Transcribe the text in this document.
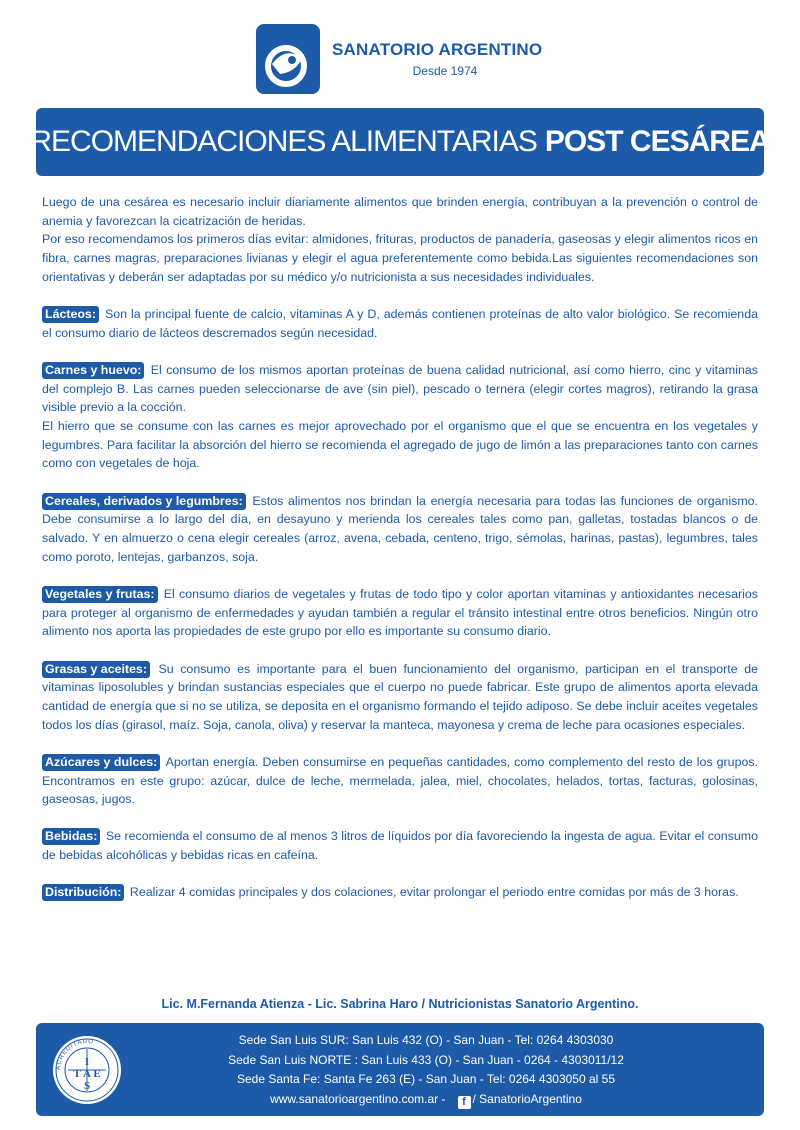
SANATORIO ARGENTINO
Desde 1974
RECOMENDACIONES ALIMENTARIAS POST CESÁREA

Luego de una cesárea es necesario incluir diariamente alimentos que brinden energía, contribuyan a la prevención o control de anemia y favorezcan la cicatrización de heridas.

Por eso recomendamos los primeros días evitar: almidones, frituras, productos de panadería, gaseosas y elegir alimentos ricos en fibra, carnes magras, preparaciones livianas y elegir el agua preferentemente como bebida.Las siguientes recomendaciones son orientativas y deberán ser adaptadas por su médico y/o nutricionista a sus necesidades individuales.

Lácteos: Son la principal fuente de calcio, vitaminas A y D, además contienen proteínas de alto valor biológico. Se recomienda el consumo diario de lácteos descremados según necesidad.

Carnes y huevo: El consumo de los mismos aportan proteínas de buena calidad nutricional, así como hierro, cinc y vitaminas del complejo B. Las carnes pueden seleccionarse de ave (sin piel), pescado o ternera (elegir cortes magros), retirando la grasa visible previo a la cocción.

El hierro que se consume con las carnes es mejor aprovechado por el organismo que el que se encuentra en los vegetales y legumbres. Para facilitar la absorción del hierro se recomienda el agregado de jugo de limón a las preparaciones tanto con carnes como con vegetales de hoja.

Cereales, derivados y legumbres: Estos alimentos nos brindan la energía necesaria para todas las funciones de organismo. Debe consumirse a lo largo del día, en desayuno y merienda los cereales tales como pan, galletas, tostadas blancos o de salvado. Y en almuerzo o cena elegir cereales (arroz, avena, cebada, centeno, trigo, sémolas, harinas, pastas), legumbres, tales como poroto, lentejas, garbanzos, soja.

Vegetales y frutas: El consumo diarios de vegetales y frutas de todo tipo y color aportan vitaminas y antioxidantes necesarios para proteger al organismo de enfermedades y ayudan también a regular el tránsito intestinal entre otros beneficios. Ningún otro alimento nos aporta las propiedades de este grupo por ello es importante su consumo diario.

Grasas y aceites: Su consumo es importante para el buen funcionamiento del organismo, participan en el transporte de vitaminas liposolubles y brindan sustancias especiales que el cuerpo no puede fabricar. Este grupo de alimentos aporta elevada cantidad de energía que si no se utiliza, se deposita en el organismo formando el tejido adiposo. Se debe incluir aceites vegetales todos los días (girasol, maíz. Soja, canola, oliva) y reservar la manteca, mayonesa y crema de leche para ocasiones especiales.

Azúcares y dulces: Aportan energía. Deben consumirse en pequeñas cantidades, como complemento del resto de los grupos. Encontramos en este grupo: azúcar, dulce de leche, mermelada, jalea, miel, chocolates, helados, tortas, facturas, golosinas, gaseosas, jugos.

Bebidas: Se recomienda el consumo de al menos 3 litros de líquidos por día favoreciendo la ingesta de agua. Evitar el consumo de bebidas alcohólicas y bebidas ricas en cafeína.

Distribución: Realizar 4 comidas principales y dos colaciones, evitar prolongar el periodo entre comidas por más de 3 horas.

Lic. M.Fernanda Atienza - Lic. Sabrina Haro / Nutricionistas Sanatorio Argentino.
ACREDITADO
I
T A E
S
Sede San Luis SUR: San Luis 432 (O) - San Juan - Tel: 0264 4303030
Sede San Luis NORTE : San Luis 433 (O) - San Juan - 0264 - 4303011/12
Sede Santa Fe: Santa Fe 263 (E) - San Juan - Tel: 0264 4303050 al 55
www.sanatorioargentino.com.ar - f / SanatorioArgentino
